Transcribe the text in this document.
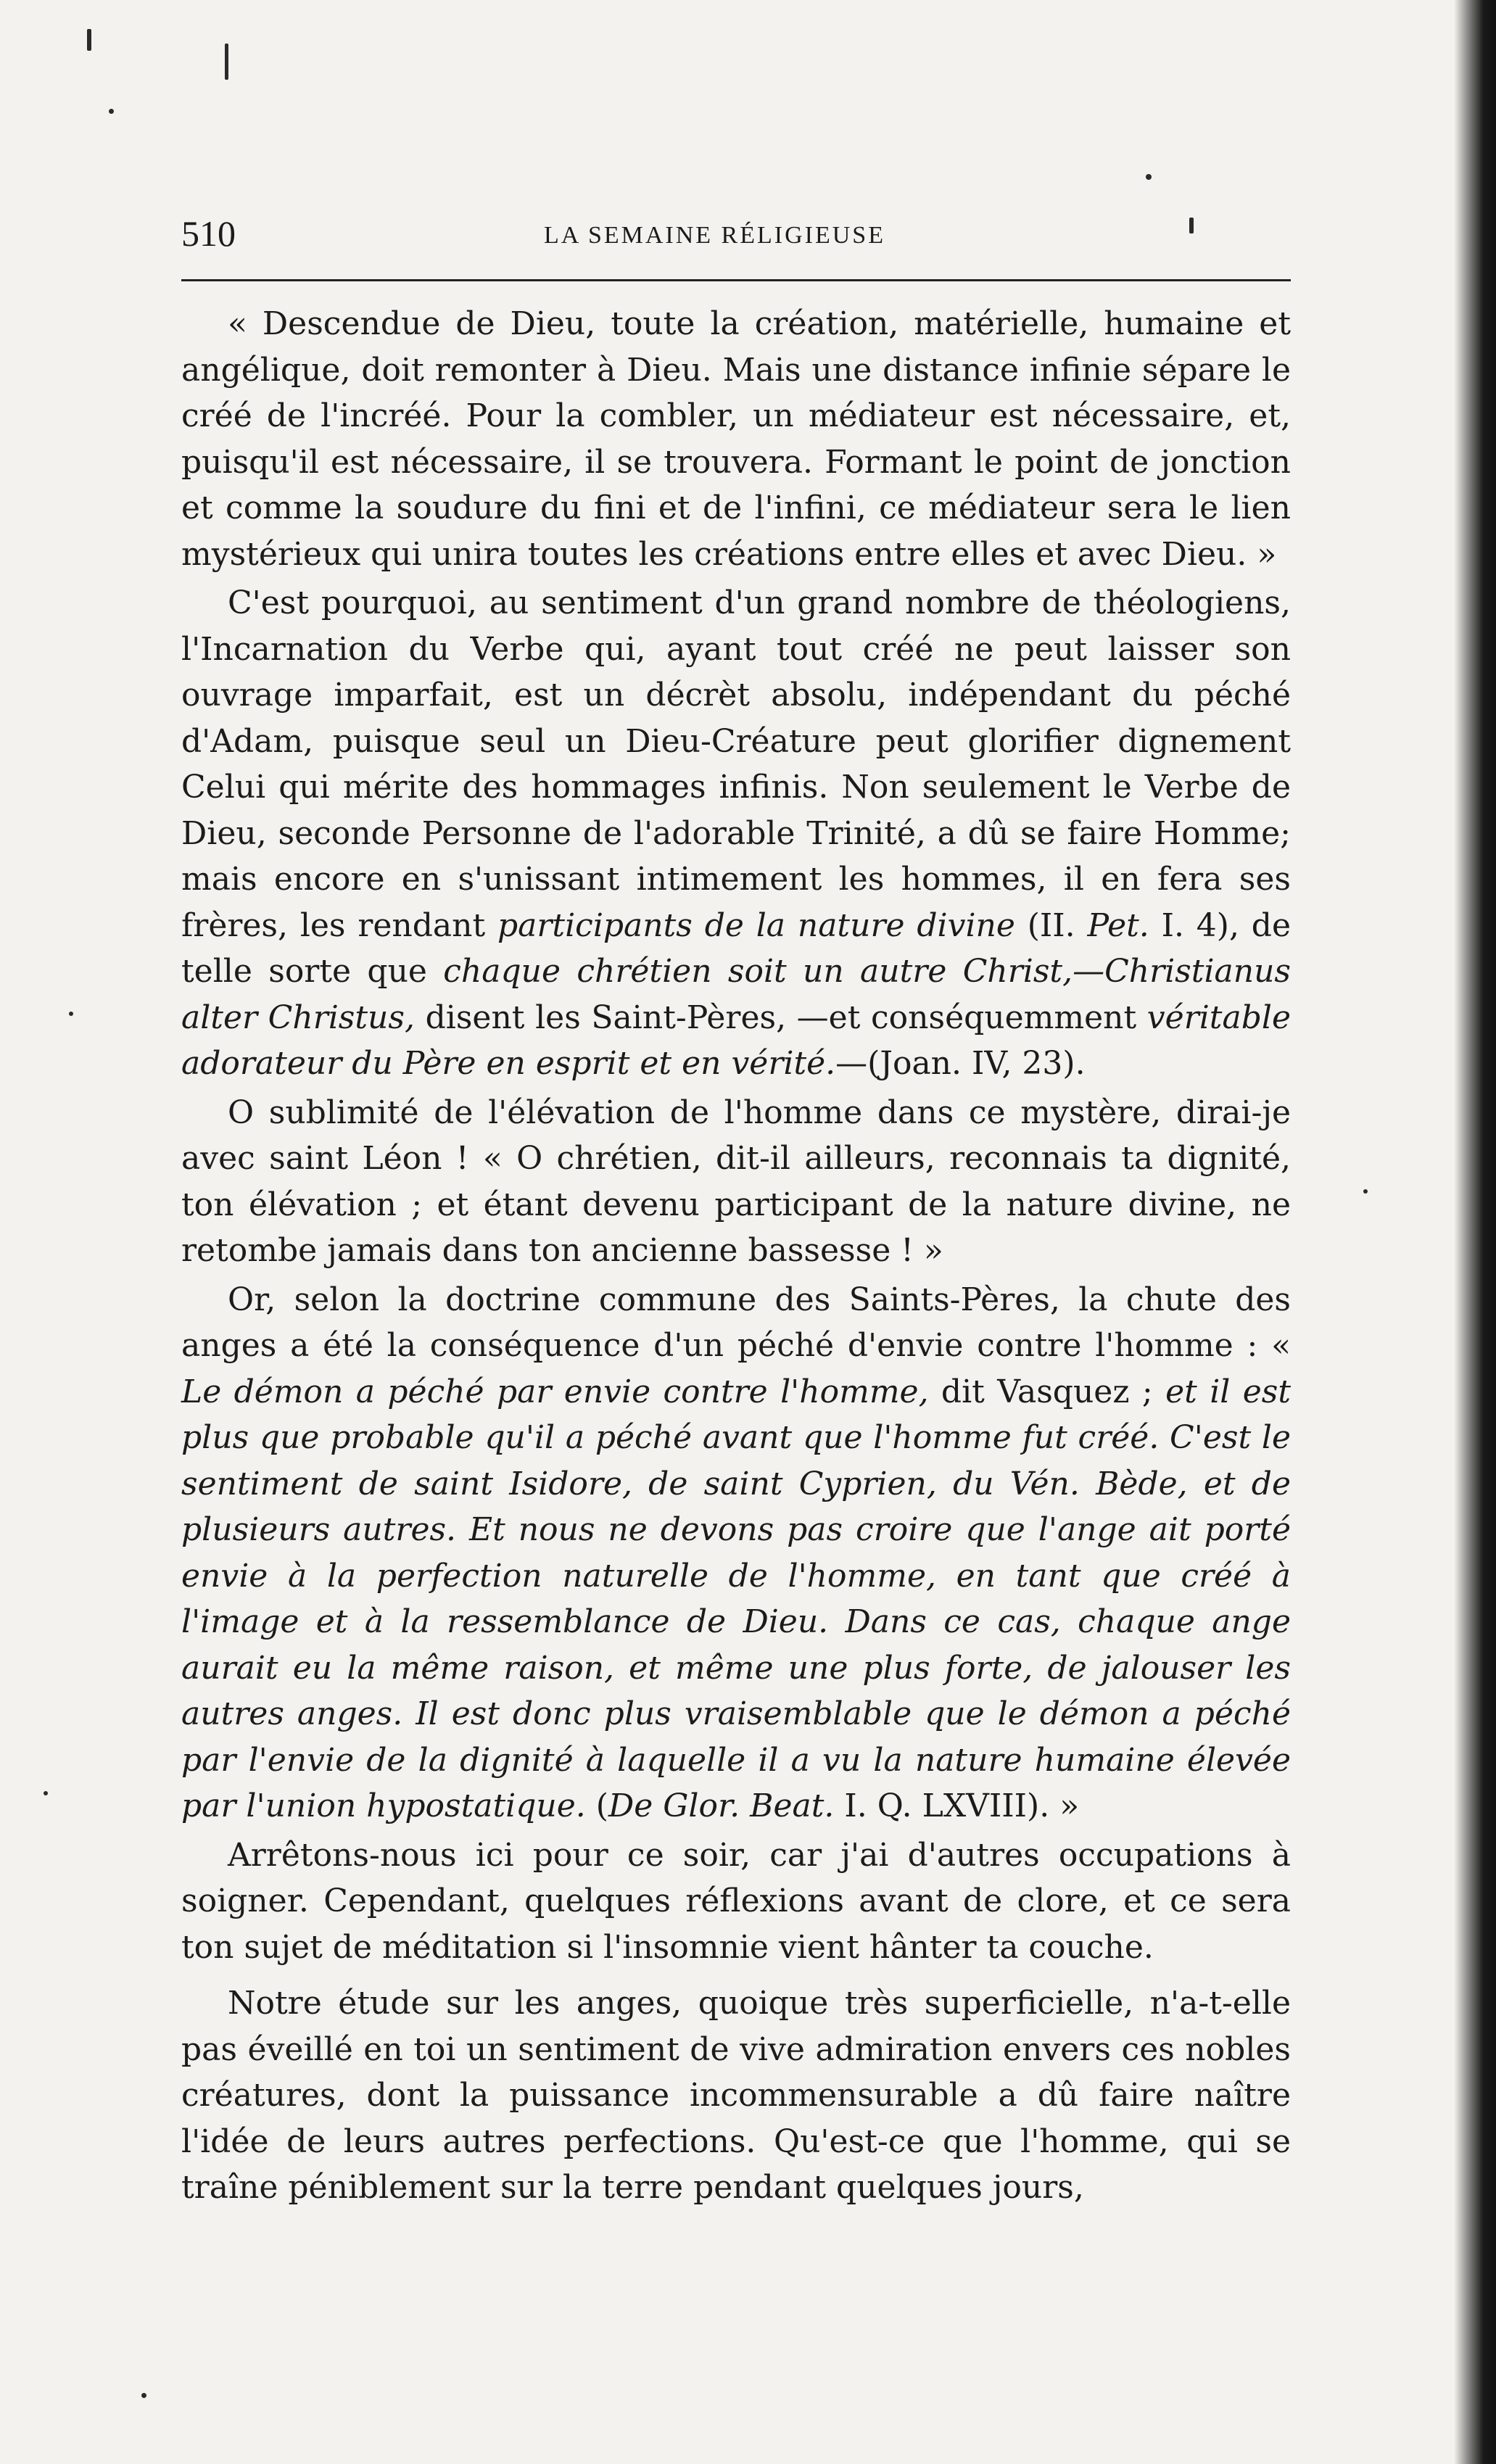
510	LA SEMAINE RÉLIGIEUSE

« Descendue de Dieu, toute la création, matérielle, humaine et angélique, doit remonter à Dieu. Mais une distance infinie sépare le créé de l'incréé. Pour la combler, un médiateur est nécessaire, et, puisqu'il est nécessaire, il se trouvera. Formant le point de jonction et comme la soudure du fini et de l'infini, ce médiateur sera le lien mystérieux qui unira toutes les créations entre elles et avec Dieu. »

C'est pourquoi, au sentiment d'un grand nombre de théologiens, l'Incarnation du Verbe qui, ayant tout créé ne peut laisser son ouvrage imparfait, est un décrèt absolu, indépendant du péché d'Adam, puisque seul un Dieu-Créature peut glorifier dignement Celui qui mérite des hommages infinis. Non seulement le Verbe de Dieu, seconde Personne de l'adorable Trinité, a dû se faire Homme; mais encore en s'unissant intimement les hommes, il en fera ses frères, les rendant participants de la nature divine (II. Pet. I. 4), de telle sorte que chaque chrétien soit un autre Christ,—Christianus alter Christus, disent les Saint-Pères, —et conséquemment véritable adorateur du Père en esprit et en vérité.—(Joan. IV, 23).

O sublimité de l'élévation de l'homme dans ce mystère, dirai-je avec saint Léon ! « O chrétien, dit-il ailleurs, reconnais ta dignité, ton élévation ; et étant devenu participant de la nature divine, ne retombe jamais dans ton ancienne bassesse ! »

Or, selon la doctrine commune des Saints-Pères, la chute des anges a été la conséquence d'un péché d'envie contre l'homme : « Le démon a péché par envie contre l'homme, dit Vasquez ; et il est plus que probable qu'il a péché avant que l'homme fut créé. C'est le sentiment de saint Isidore, de saint Cyprien, du Vén. Bède, et de plusieurs autres. Et nous ne devons pas croire que l'ange ait porté envie à la perfection naturelle de l'homme, en tant que créé à l'image et à la ressemblance de Dieu. Dans ce cas, chaque ange aurait eu la même raison, et même une plus forte, de jalouser les autres anges. Il est donc plus vraisemblable que le démon a péché par l'envie de la dignité à laquelle il a vu la nature humaine élevée par l'union hypostatique. (De Glor. Beat. I. Q. LXVIII). »

Arrêtons-nous ici pour ce soir, car j'ai d'autres occupations à soigner. Cependant, quelques réflexions avant de clore, et ce sera ton sujet de méditation si l'insomnie vient hânter ta couche.

Notre étude sur les anges, quoique très superficielle, n'a-t-elle pas éveillé en toi un sentiment de vive admiration envers ces nobles créatures, dont la puissance incommensurable a dû faire naître l'idée de leurs autres perfections. Qu'est-ce que l'homme, qui se traîne péniblement sur la terre pendant quelques jours,
